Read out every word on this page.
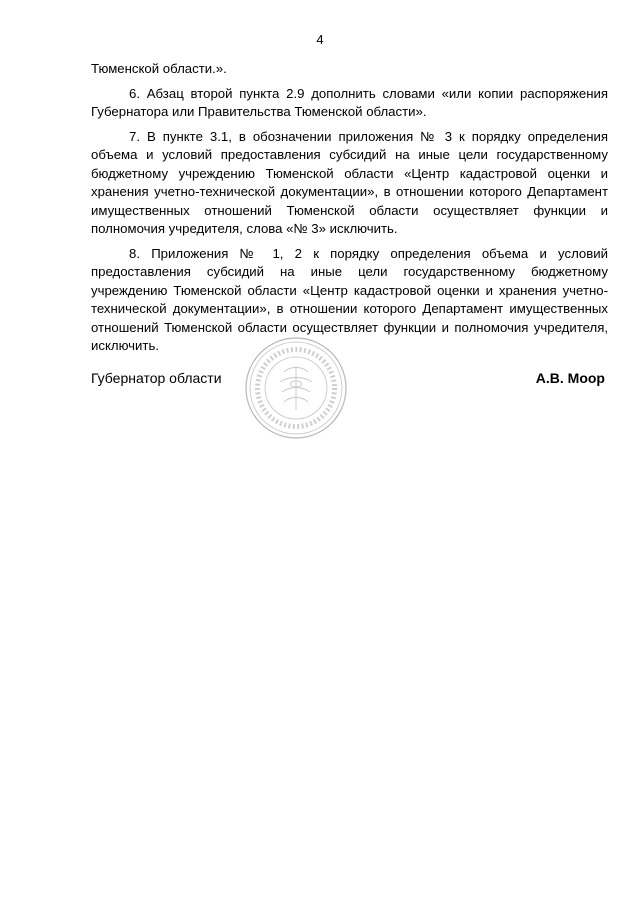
4

Тюменской области.».

6. Абзац второй пункта 2.9 дополнить словами «или копии распоряжения Губернатора или Правительства Тюменской области».

7. В пункте 3.1, в обозначении приложения № 3 к порядку определения объема и условий предоставления субсидий на иные цели государственному бюджетному учреждению Тюменской области «Центр кадастровой оценки и хранения учетно-технической документации», в отношении которого Департамент имущественных отношений Тюменской области осуществляет функции и полномочия учредителя, слова «№ 3» исключить.

8. Приложения № 1, 2 к порядку определения объема и условий предоставления субсидий на иные цели государственному бюджетному учреждению Тюменской области «Центр кадастровой оценки и хранения учетно-технической документации», в отношении которого Департамент имущественных отношений Тюменской области осуществляет функции и полномочия учредителя, исключить.

Губернатор области	А.В. Моор
